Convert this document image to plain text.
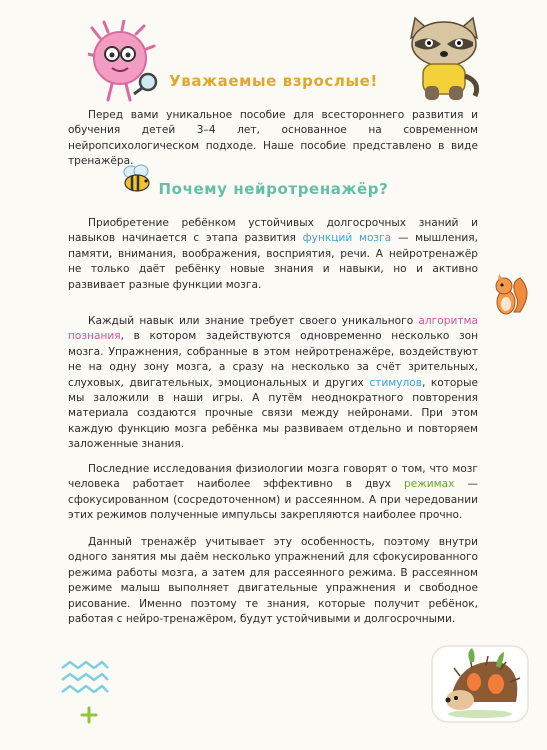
Уважаемые взрослые!
Почему нейротренажёр?

Перед вами уникальное пособие для всестороннего развития и обучения детей 3–4 лет, основанное на современном нейропсихологическом подходе. Наше пособие представлено в виде тренажёра.

Приобретение ребёнком устойчивых долгосрочных знаний и навыков начинается с этапа развития функций мозга — мышления, памяти, внимания, воображения, восприятия, речи. А нейротренажёр не только даёт ребёнку новые знания и навыки, но и активно развивает разные функции мозга.

Каждый навык или знание требует своего уникального алгоритма познания, в котором задействуются одновременно несколько зон мозга. Упражнения, собранные в этом нейротренажёре, воздействуют не на одну зону мозга, а сразу на несколько за счёт зрительных, слуховых, двигательных, эмоциональных и других стимулов, которые мы заложили в наши игры. А путём неоднократного повторения материала создаются прочные связи между нейронами. При этом каждую функцию мозга ребёнка мы развиваем отдельно и повторяем заложенные знания.

Последние исследования физиологии мозга говорят о том, что мозг человека работает наиболее эффективно в двух режимах — сфокусированном (сосредоточенном) и рассеянном. А при чередовании этих режимов полученные импульсы закрепляются наиболее прочно.

Данный тренажёр учитывает эту особенность, поэтому внутри одного занятия мы даём несколько упражнений для сфокусированного режима работы мозга, а затем для рассеянного режима. В рассеянном режиме малыш выполняет двигательные упражнения и свободное рисование. Именно поэтому те знания, которые получит ребёнок, работая с нейро-тренажёром, будут устойчивыми и долгосрочными.
